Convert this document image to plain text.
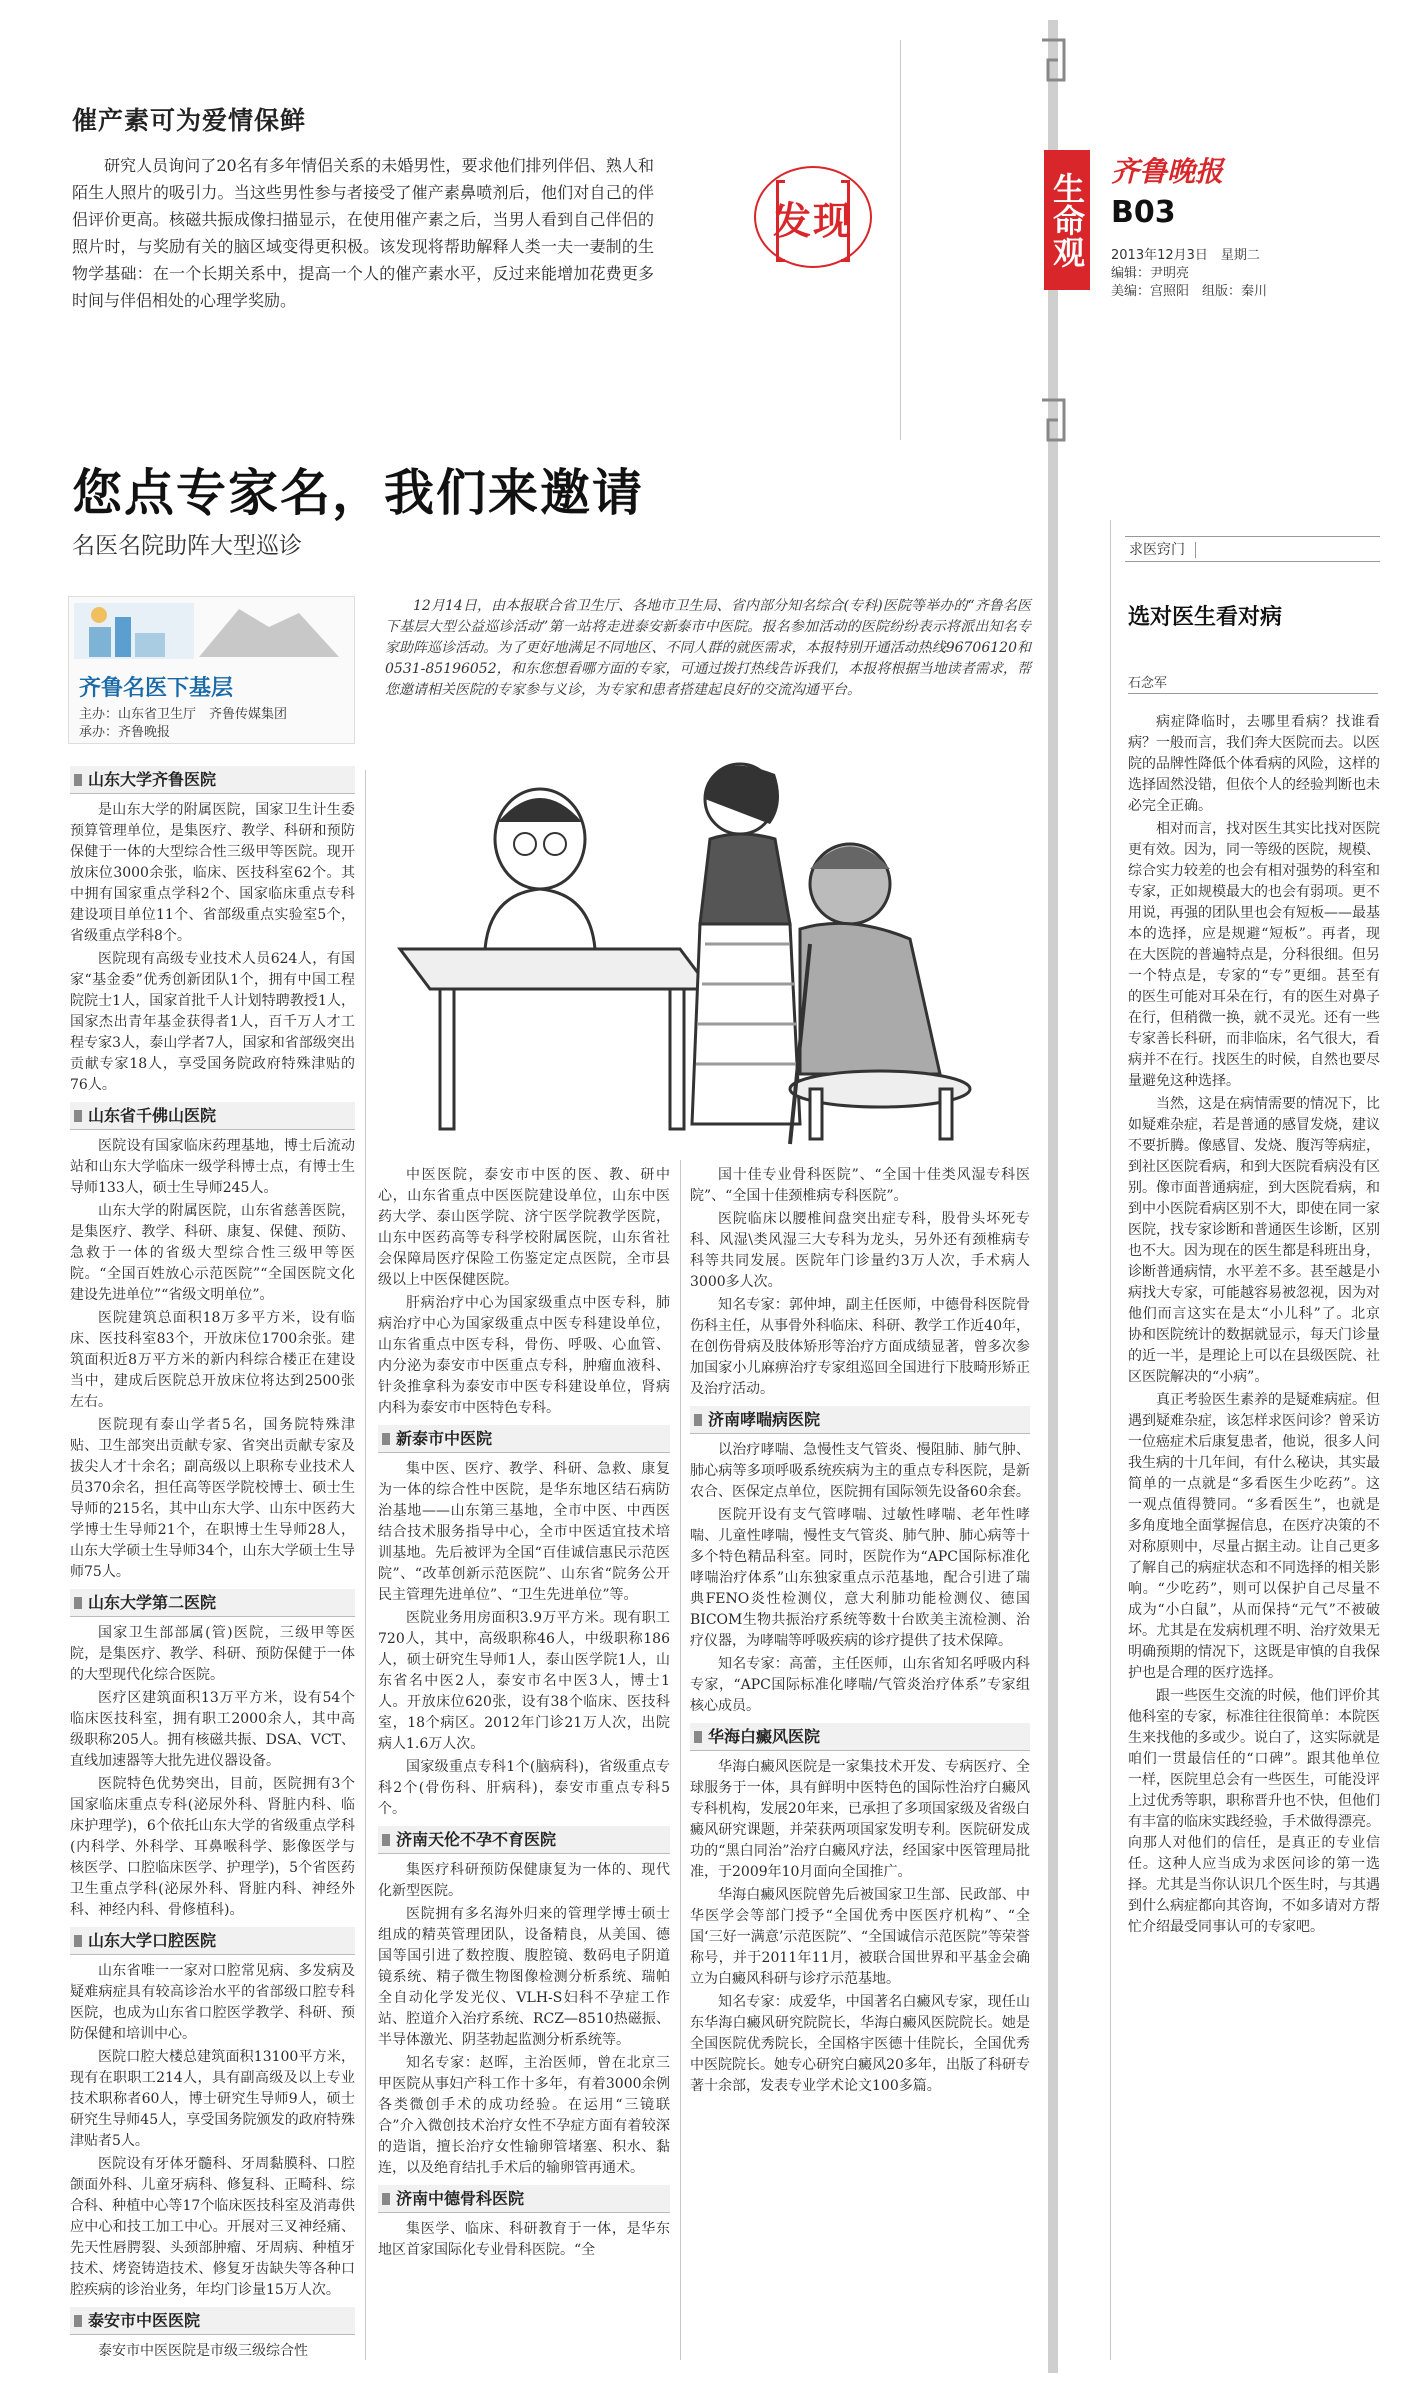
催产素可为爱情保鲜

研究人员询问了20名有多年情侣关系的未婚男性，要求他们排列伴侣、熟人和陌生人照片的吸引力。当这些男性参与者接受了催产素鼻喷剂后，他们对自己的伴侣评价更高。核磁共振成像扫描显示，在使用催产素之后，当男人看到自己伴侣的照片时，与奖励有关的脑区域变得更积极。该发现将帮助解释人类一夫一妻制的生物学基础：在一个长期关系中，提高一个人的催产素水平，反过来能增加花费更多时间与伴侣相处的心理学奖励。

发现	生命观
齐鲁晚报
B03
2013年12月3日　星期二
编辑：尹明亮
美编：宫照阳　组版：秦川
您点专家名，我们来邀请
名医名院助阵大型巡诊
齐鲁名医下基层
主办：山东省卫生厅　齐鲁传媒集团
承办：齐鲁晚报
12月14日，由本报联合省卫生厅、各地市卫生局、省内部分知名综合(专科)医院等举办的“齐鲁名医下基层大型公益巡诊活动”第一站将走进泰安新泰市中医院。报名参加活动的医院纷纷表示将派出知名专家助阵巡诊活动。为了更好地满足不同地区、不同人群的就医需求，本报特别开通活动热线96706120和0531-85196052，和东您想看哪方面的专家，可通过拨打热线告诉我们，本报将根据当地读者需求，帮您邀请相关医院的专家参与义诊，为专家和患者搭建起良好的交流沟通平台。
山东大学齐鲁医院

是山东大学的附属医院，国家卫生计生委预算管理单位，是集医疗、教学、科研和预防保健于一体的大型综合性三级甲等医院。现开放床位3000余张，临床、医技科室62个。其中拥有国家重点学科2个、国家临床重点专科建设项目单位11个、省部级重点实验室5个，省级重点学科8个。

医院现有高级专业技术人员624人，有国家“基金委”优秀创新团队1个，拥有中国工程院院士1人，国家首批千人计划特聘教授1人，国家杰出青年基金获得者1人，百千万人才工程专家3人，泰山学者7人，国家和省部级突出贡献专家18人，享受国务院政府特殊津贴的76人。

山东省千佛山医院

医院设有国家临床药理基地，博士后流动站和山东大学临床一级学科博士点，有博士生导师133人，硕士生导师245人。

山东大学的附属医院，山东省慈善医院，是集医疗、教学、科研、康复、保健、预防、急救于一体的省级大型综合性三级甲等医院。“全国百姓放心示范医院”“全国医院文化建设先进单位”“省级文明单位”。

医院建筑总面积18万多平方米，设有临床、医技科室83个，开放床位1700余张。建筑面积近8万平方米的新内科综合楼正在建设当中，建成后医院总开放床位将达到2500张左右。

医院现有泰山学者5名，国务院特殊津贴、卫生部突出贡献专家、省突出贡献专家及拔尖人才十余名；副高级以上职称专业技术人员370余名，担任高等医学院校博士、硕士生导师的215名，其中山东大学、山东中医药大学博士生导师21个，在职博士生导师28人，山东大学硕士生导师34个，山东大学硕士生导师75人。

山东大学第二医院

国家卫生部部属(管)医院，三级甲等医院，是集医疗、教学、科研、预防保健于一体的大型现代化综合医院。

医疗区建筑面积13万平方米，设有54个临床医技科室，拥有职工2000余人，其中高级职称205人。拥有核磁共振、DSA、VCT、直线加速器等大批先进仪器设备。

医院特色优势突出，目前，医院拥有3个国家临床重点专科(泌尿外科、肾脏内科、临床护理学)，6个依托山东大学的省级重点学科(内科学、外科学、耳鼻喉科学、影像医学与核医学、口腔临床医学、护理学)，5个省医药卫生重点学科(泌尿外科、肾脏内科、神经外科、神经内科、骨修植科)。

山东大学口腔医院

山东省唯一一家对口腔常见病、多发病及疑难病症具有较高诊治水平的省部级口腔专科医院，也成为山东省口腔医学教学、科研、预防保健和培训中心。

医院口腔大楼总建筑面积13100平方米，现有在职职工214人，具有副高级及以上专业技术职称者60人，博士研究生导师9人，硕士研究生导师45人，享受国务院颁发的政府特殊津贴者5人。

医院设有牙体牙髓科、牙周黏膜科、口腔颌面外科、儿童牙病科、修复科、正畸科、综合科、种植中心等17个临床医技科室及消毒供应中心和技工加工中心。开展对三叉神经痛、先天性唇腭裂、头颈部肿瘤、牙周病、种植牙技术、烤瓷铸造技术、修复牙齿缺失等各种口腔疾病的诊治业务，年均门诊量15万人次。

泰安市中医医院

泰安市中医医院是市级三级综合性

中医医院，泰安市中医的医、教、研中心，山东省重点中医医院建设单位，山东中医药大学、泰山医学院、济宁医学院教学医院，山东中医药高等专科学校附属医院，山东省社会保障局医疗保险工伤鉴定定点医院，全市县级以上中医保健医院。

肝病治疗中心为国家级重点中医专科，肺病治疗中心为国家级重点中医专科建设单位，山东省重点中医专科，骨伤、呼吸、心血管、内分泌为泰安市中医重点专科，肿瘤血液科、针灸推拿科为泰安市中医专科建设单位，肾病内科为泰安市中医特色专科。

新泰市中医院

集中医、医疗、教学、科研、急救、康复为一体的综合性中医院，是华东地区结石病防治基地——山东第三基地，全市中医、中西医结合技术服务指导中心，全市中医适宜技术培训基地。先后被评为全国“百佳诚信惠民示范医院”、“改革创新示范医院”、山东省“院务公开民主管理先进单位”、“卫生先进单位”等。

医院业务用房面积3.9万平方米。现有职工720人，其中，高级职称46人，中级职称186人，硕士研究生导师1人，泰山医学院1人，山东省名中医2人，泰安市名中医3人，博士1人。开放床位620张，设有38个临床、医技科室，18个病区。2012年门诊21万人次，出院病人1.6万人次。

国家级重点专科1个(脑病科)，省级重点专科2个(骨伤科、肝病科)，泰安市重点专科5个。

济南天伦不孕不育医院

集医疗科研预防保健康复为一体的、现代化新型医院。

医院拥有多名海外归来的管理学博士硕士组成的精英管理团队，设备精良，从美国、德国等国引进了数控腹、腹腔镜、数码电子阴道镜系统、精子微生物图像检测分析系统、瑞帕全自动化学发光仪、VLH-S妇科不孕症工作站、腔道介入治疗系统、RCZ—8510热磁振、半导体激光、阴茎勃起监测分析系统等。

知名专家：赵晖，主治医师，曾在北京三甲医院从事妇产科工作十多年，有着3000余例各类微创手术的成功经验。在运用“三镜联合”介入微创技术治疗女性不孕症方面有着较深的造诣，擅长治疗女性输卵管堵塞、积水、黏连，以及绝育结扎手术后的输卵管再通术。

济南中德骨科医院

集医学、临床、科研教育于一体，是华东地区首家国际化专业骨科医院。“全

国十佳专业骨科医院”、“全国十佳类风湿专科医院”、“全国十佳颈椎病专科医院”。

医院临床以腰椎间盘突出症专科，股骨头坏死专科、风湿\类风湿三大专科为龙头，另外还有颈椎病专科等共同发展。医院年门诊量约3万人次，手术病人3000多人次。

知名专家：郭仲坤，副主任医师，中德骨科医院骨伤科主任，从事骨外科临床、科研、教学工作近40年，在创伤骨病及肢体矫形等治疗方面成绩显著，曾多次参加国家小儿麻痹治疗专家组巡回全国进行下肢畸形矫正及治疗活动。

济南哮喘病医院

以治疗哮喘、急慢性支气管炎、慢阻肺、肺气肿、肺心病等多项呼吸系统疾病为主的重点专科医院，是新农合、医保定点单位，医院拥有国际领先设备60余套。

医院开设有支气管哮喘、过敏性哮喘、老年性哮喘、儿童性哮喘，慢性支气管炎、肺气肿、肺心病等十多个特色精品科室。同时，医院作为“APC国际标准化哮喘治疗体系”山东独家重点示范基地，配合引进了瑞典FENO炎性检测仪，意大利肺功能检测仪、德国BICOM生物共振治疗系统等数十台欧美主流检测、治疗仪器，为哮喘等呼吸疾病的诊疗提供了技术保障。

知名专家：高蕾，主任医师，山东省知名呼吸内科专家，“APC国际标准化哮喘/气管炎治疗体系”专家组核心成员。

华海白癜风医院

华海白癜风医院是一家集技术开发、专病医疗、全球服务于一体，具有鲜明中医特色的国际性治疗白癜风专科机构，发展20年来，已承担了多项国家级及省级白癜风研究课题，并荣获两项国家发明专利。医院研发成功的“黑白同治”治疗白癜风疗法，经国家中医管理局批准，于2009年10月面向全国推广。

华海白癜风医院曾先后被国家卫生部、民政部、中华医学会等部门授予“全国优秀中医医疗机构”、“全国‘三好一满意’示范医院”、“全国诚信示范医院”等荣誉称号，并于2011年11月，被联合国世界和平基金会确立为白癜风科研与诊疗示范基地。

知名专家：成爱华，中国著名白癜风专家，现任山东华海白癜风研究院院长，华海白癜风医院院长。她是全国医院优秀院长，全国格宇医德十佳院长，全国优秀中医院院长。她专心研究白癜风20多年，出版了科研专著十余部，发表专业学术论文100多篇。

求医窍门
选对医生看对病
石念军

病症降临时，去哪里看病？找谁看病？一般而言，我们奔大医院而去。以医院的品牌性降低个体看病的风险，这样的选择固然没错，但依个人的经验判断也未必完全正确。

相对而言，找对医生其实比找对医院更有效。因为，同一等级的医院，规模、综合实力较差的也会有相对强势的科室和专家，正如规模最大的也会有弱项。更不用说，再强的团队里也会有短板——最基本的选择，应是规避“短板”。再者，现在大医院的普遍特点是，分科很细。但另一个特点是，专家的“专”更细。甚至有的医生可能对耳朵在行，有的医生对鼻子在行，但稍微一换，就不灵光。还有一些专家善长科研，而非临床，名气很大，看病并不在行。找医生的时候，自然也要尽量避免这种选择。

当然，这是在病情需要的情况下，比如疑难杂症，若是普通的感冒发烧，建议不要折腾。像感冒、发烧、腹泻等病症，到社区医院看病，和到大医院看病没有区别。像市面普通病症，到大医院看病，和到中小医院看病区别不大，即使在同一家医院，找专家诊断和普通医生诊断，区别也不大。因为现在的医生都是科班出身，诊断普通病情，水平差不多。甚至越是小病找大专家，可能越容易被忽视，因为对他们而言这实在是太“小儿科”了。北京协和医院统计的数据就显示，每天门诊量的近一半，是理论上可以在县级医院、社区医院解决的“小病”。

真正考验医生素养的是疑难病症。但遇到疑难杂症，该怎样求医问诊？曾采访一位癌症术后康复患者，他说，很多人问我生病的十几年间，有什么秘诀，其实最简单的一点就是“多看医生少吃药”。这一观点值得赞同。“多看医生”，也就是多角度地全面掌握信息，在医疗决策的不对称原则中，尽量占据主动。让自己更多了解自己的病症状态和不同选择的相关影响。“少吃药”，则可以保护自己尽量不成为“小白鼠”，从而保持“元气”不被破坏。尤其是在发病机理不明、治疗效果无明确预期的情况下，这既是审慎的自我保护也是合理的医疗选择。

跟一些医生交流的时候，他们评价其他科室的专家，标准往往很简单：本院医生来找他的多或少。说白了，这实际就是咱们一贯最信任的“口碑”。跟其他单位一样，医院里总会有一些医生，可能没评上过优秀等职，职称晋升也不快，但他们有丰富的临床实践经验，手术做得漂亮。向那人对他们的信任，是真正的专业信任。这种人应当成为求医问诊的第一选择。尤其是当你认识几个医生时，与其遇到什么病症都向其咨询，不如多请对方帮忙介绍最受同事认可的专家吧。
